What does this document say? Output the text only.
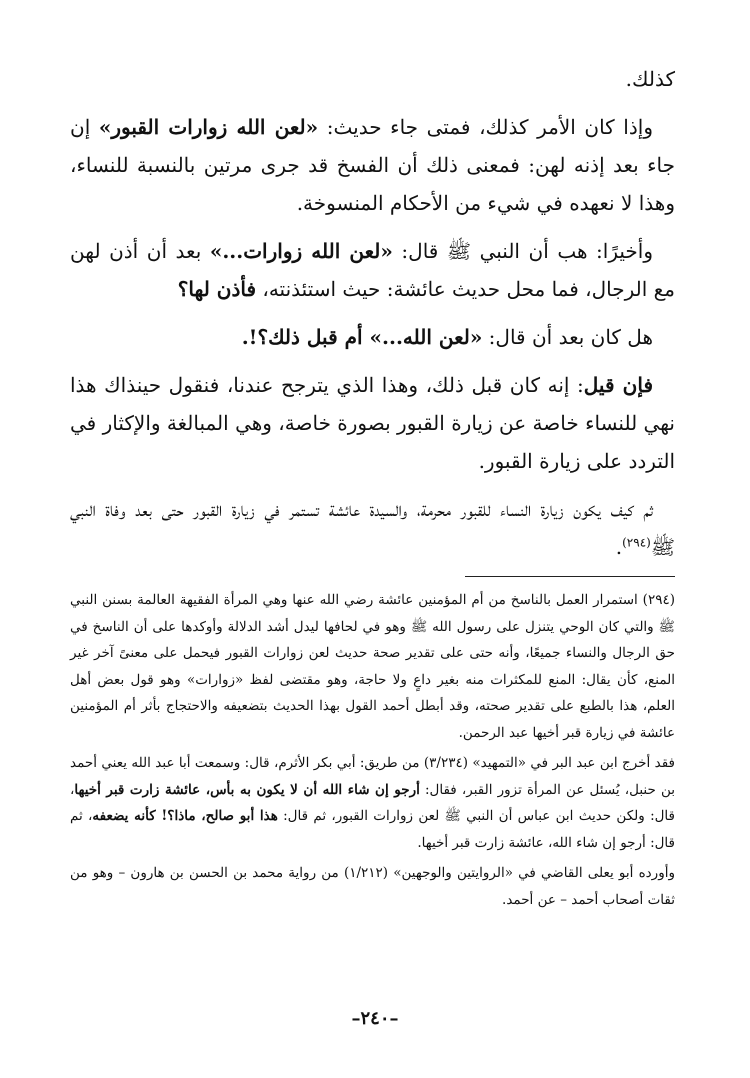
كذلك.

وإذا كان الأمر كذلك، فمتى جاء حديث: «لعن الله زوارات القبور» إن جاء بعد إذنه لهن: فمعنى ذلك أن الفسخ قد جرى مرتين بالنسبة للنساء، وهذا لا نعهده في شيء من الأحكام المنسوخة.

وأخيرًا: هب أن النبي ﷺ قال: «لعن الله زوارات...» بعد أن أذن لهن مع الرجال، فما محل حديث عائشة: حيث استئذنته، فأذن لها؟

هل كان بعد أن قال: «لعن الله...» أم قبل ذلك؟!.

فإن قيل: إنه كان قبل ذلك، وهذا الذي يترجح عندنا، فنقول حينذاك هذا نهي للنساء خاصة عن زيارة القبور بصورة خاصة، وهي المبالغة والإكثار في التردد على زيارة القبور.

ثم كيف يكون زيارة النساء للقبور محرمة، والسيدة عائشة تستمر في زيارة القبور حتى بعد وفاة النبي ﷺ$^{(٢٩٤)}$.

(٢٩٤) استمرار العمل بالناسخ من أم المؤمنين عائشة رضي الله عنها وهي المرأة الفقيهة العالمة بسنن النبي ﷺ والتي كان الوحي يتنزل على رسول الله ﷺ وهو في لحافها ليدل أشد الدلالة وأوكدها على أن الناسخ في حق الرجال والنساء جميعًا، وأنه حتى على تقدير صحة حديث لعن زوارات القبور فيحمل على معنىً آخر غير المنع، كأن يقال: المنع للمكثرات منه بغير داعٍ ولا حاجة، وهو مقتضى لفظ «زوارات» وهو قول بعض أهل العلم، هذا بالطبع على تقدير صحته، وقد أبطل أحمد القول بهذا الحديث بتضعيفه والاحتجاج بأثر أم المؤمنين عائشة في زيارة قبر أخيها عبد الرحمن.

فقد أخرج ابن عبد البر في «التمهيد» (٣/٢٣٤) من طريق: أبي بكر الأثرم، قال: وسمعت أبا عبد الله يعني أحمد بن حنبل، يُسئل عن المرأة تزور القبر، فقال: أرجو إن شاء الله أن لا يكون به بأس، عائشة زارت قبر أخيها، قال: ولكن حديث ابن عباس أن النبي ﷺ لعن زوارات القبور، ثم قال: هذا أبو صالح، ماذا؟! كأنه يضعفه، ثم قال: أرجو إن شاء الله، عائشة زارت قبر أخيها.

وأورده أبو يعلى القاضي في «الروايتين والوجهين» (١/٢١٢) من رواية محمد بن الحسن بن هارون – وهو من ثقات أصحاب أحمد – عن أحمد.

–٢٤٠–
